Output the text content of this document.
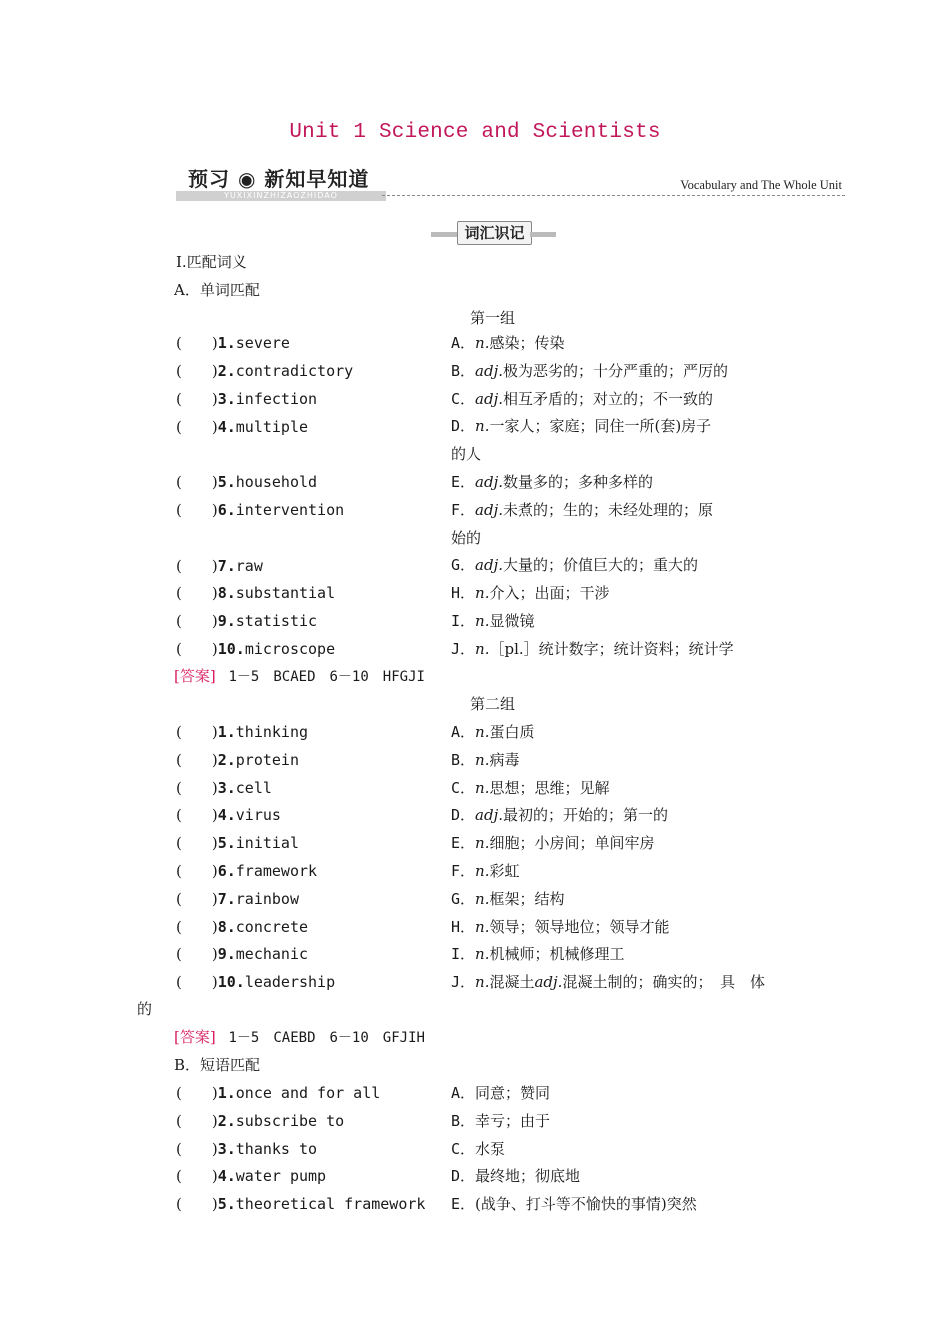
Unit 1 Science and Scientists
预习 ◉ 新知早知道
YUXIXINZHIZAOZHIDAO
Vocabulary and The Whole Unit
词汇识记
Ⅰ.匹配词义
A．单词匹配
第一组
(　　)1.severe
(　　)2.contradictory
(　　)3.infection
(　　)4.multiple
(　　)5.household
(　　)6.intervention
(　　)7.raw
(　　)8.substantial
(　　)9.statistic
(　　)10.microscope
A．n.感染；传染
B．adj.极为恶劣的；十分严重的；严厉的
C．adj.相互矛盾的；对立的；不一致的
D．n.一家人；家庭；同住一所(套)房子
的人
E．adj.数量多的；多种多样的
F．adj.未煮的；生的；未经处理的；原
始的
G．adj.大量的；价值巨大的；重大的
H．n.介入；出面；干涉
I．n.显微镜
J．n.［pl.］统计数字；统计资料；统计学
[答案] 1－5　BCAED　6－10　HFGJI
第二组
(　　)1.thinking
(　　)2.protein
(　　)3.cell
(　　)4.virus
(　　)5.initial
(　　)6.framework
(　　)7.rainbow
(　　)8.concrete
(　　)9.mechanic
(　　)10.leadership
A．n.蛋白质
B．n.病毒
C．n.思想；思维；见解
D．adj.最初的；开始的；第一的
E．n.细胞；小房间；单间牢房
F．n.彩虹
G．n.框架；结构
H．n.领导；领导地位；领导才能
I．n.机械师；机械修理工
J．n.混凝土adj.混凝土制的；确实的；　具　体
的
[答案] 1－5　CAEBD　6－10　GFJIH
B．短语匹配
(　　)1.once and for all
(　　)2.subscribe to
(　　)3.thanks to
(　　)4.water pump
(　　)5.theoretical framework
A．同意；赞同
B．幸亏；由于
C．水泵
D．最终地；彻底地
E．(战争、打斗等不愉快的事情)突然
